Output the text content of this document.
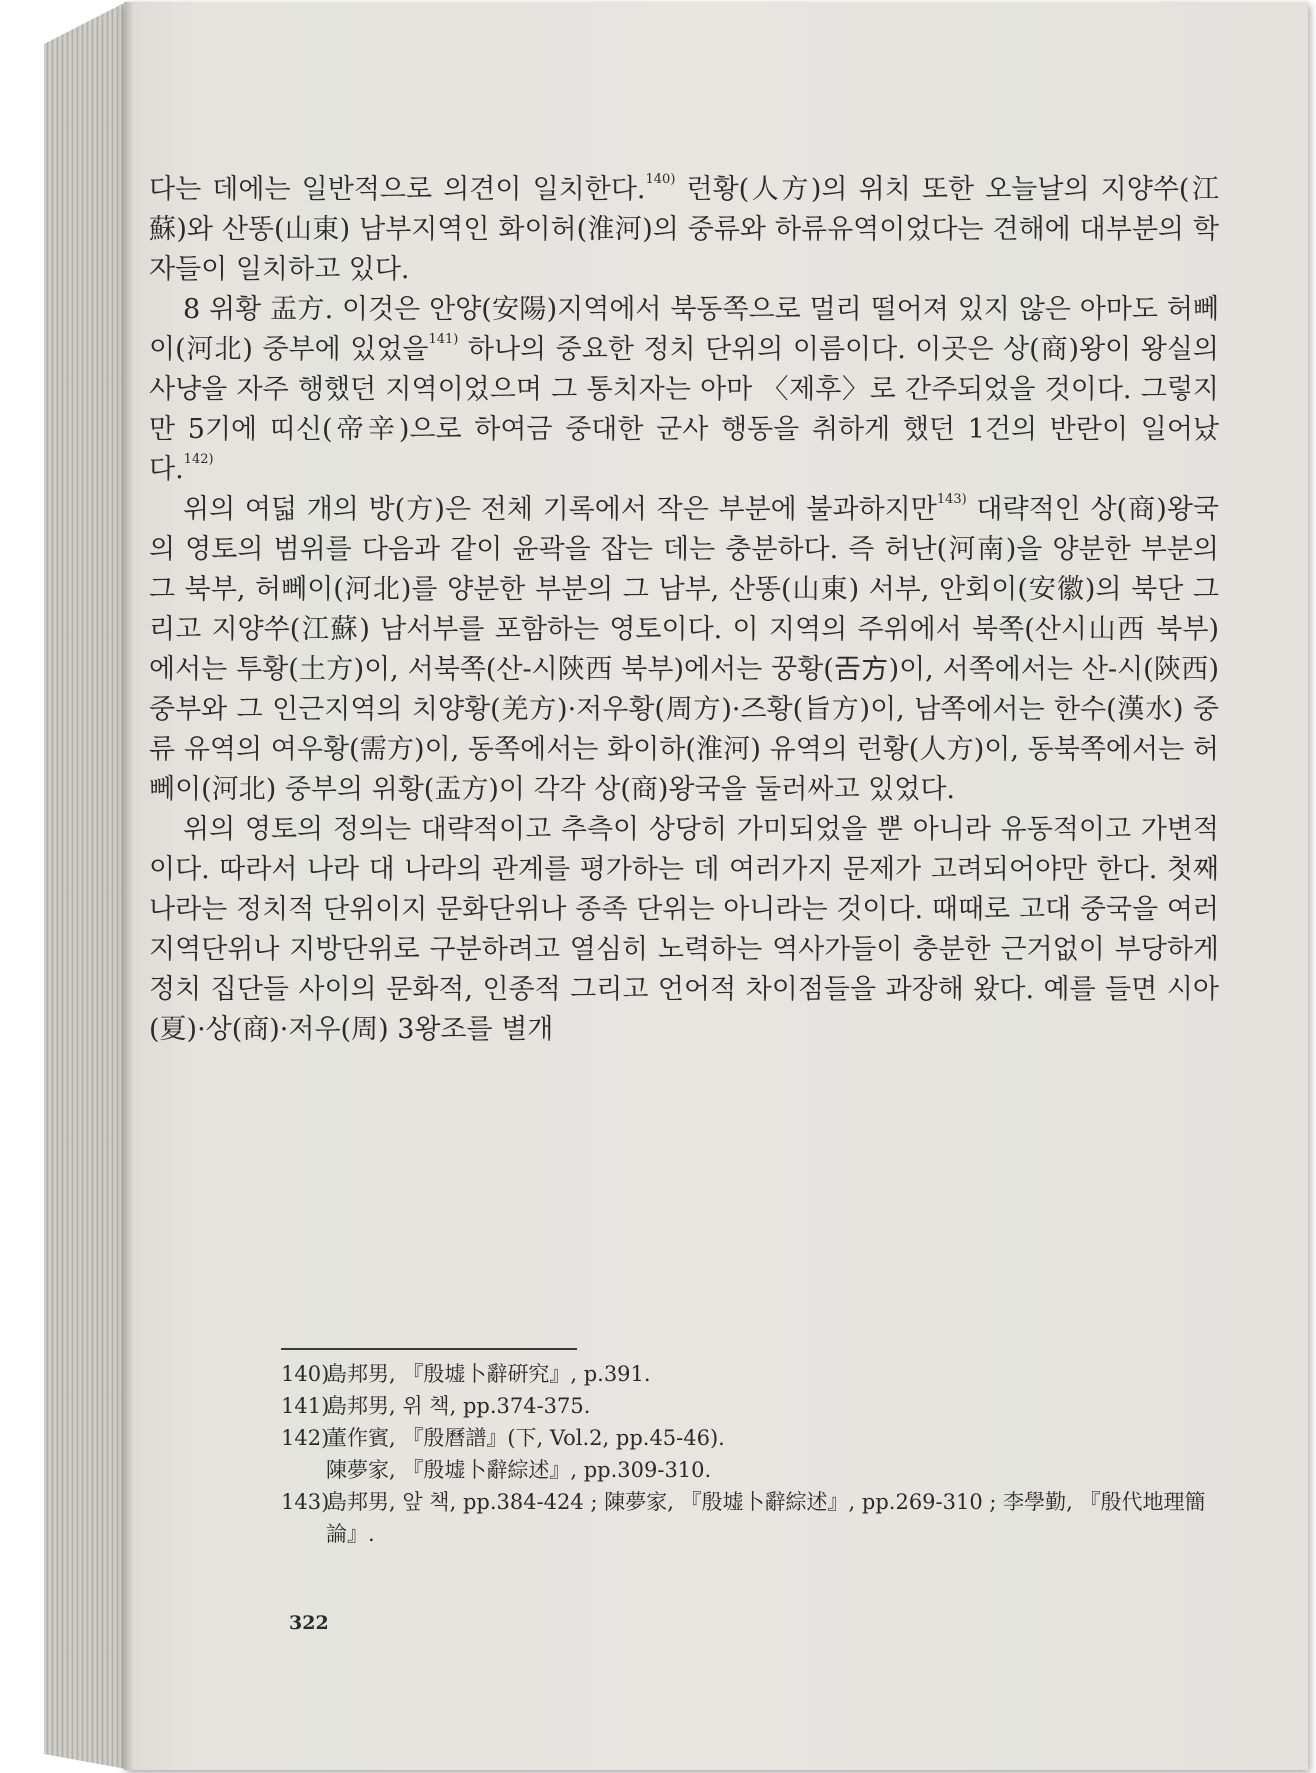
다는 데에는 일반적으로 의견이 일치한다.$^{140)}$ 런황(人方)의 위치 또한 오늘날의 지양쑤(江蘇)와 산똥(山東) 남부지역인 화이허(淮河)의 중류와 하류유역이었다는 견해에 대부분의 학자들이 일치하고 있다.

8 위황 盂方. 이것은 안양(安陽)지역에서 북동쪽으로 멀리 떨어져 있지 않은 아마도 허뻬이(河北) 중부에 있었을$^{141)}$ 하나의 중요한 정치 단위의 이름이다. 이곳은 상(商)왕이 왕실의 사냥을 자주 행했던 지역이었으며 그 통치자는 아마 〈제후〉로 간주되었을 것이다. 그렇지만 5기에 띠신(帝辛)으로 하여금 중대한 군사 행동을 취하게 했던 1건의 반란이 일어났다.$^{142)}$

위의 여덟 개의 방(方)은 전체 기록에서 작은 부분에 불과하지만$^{143)}$ 대략적인 상(商)왕국의 영토의 범위를 다음과 같이 윤곽을 잡는 데는 충분하다. 즉 허난(河南)을 양분한 부분의 그 북부, 허뻬이(河北)를 양분한 부분의 그 남부, 산똥(山東) 서부, 안회이(安徽)의 북단 그리고 지양쑤(江蘇) 남서부를 포함하는 영토이다. 이 지역의 주위에서 북쪽(산시山西 북부)에서는 투황(土方)이, 서북쪽(산-시陝西 북부)에서는 꿍황(𢀛方)이, 서쪽에서는 산-시(陝西) 중부와 그 인근지역의 치양황(羌方)·저우황(周方)·즈황(旨方)이, 남쪽에서는 한수(漢水) 중류 유역의 여우황(需方)이, 동쪽에서는 화이하(淮河) 유역의 런황(人方)이, 동북쪽에서는 허뻬이(河北) 중부의 위황(盂方)이 각각 상(商)왕국을 둘러싸고 있었다.

위의 영토의 정의는 대략적이고 추측이 상당히 가미되었을 뿐 아니라 유동적이고 가변적이다. 따라서 나라 대 나라의 관계를 평가하는 데 여러가지 문제가 고려되어야만 한다. 첫째 나라는 정치적 단위이지 문화단위나 종족 단위는 아니라는 것이다. 때때로 고대 중국을 여러 지역단위나 지방단위로 구분하려고 열심히 노력하는 역사가들이 충분한 근거없이 부당하게 정치 집단들 사이의 문화적, 인종적 그리고 언어적 차이점들을 과장해 왔다. 예를 들면 시아(夏)·상(商)·저우(周) 3왕조를 별개

140)
島邦男, 『殷墟卜辭硏究』, p.391.
141)
島邦男, 위 책, pp.374-375.
142)
董作賓, 『殷曆譜』(下, Vol.2, pp.45-46).
陳夢家, 『殷墟卜辭綜述』, pp.309-310.
143)
島邦男, 앞 책, pp.384-424 ; 陳夢家, 『殷墟卜辭綜述』, pp.269-310 ; 李學勤, 『殷代地理簡論』.
322
